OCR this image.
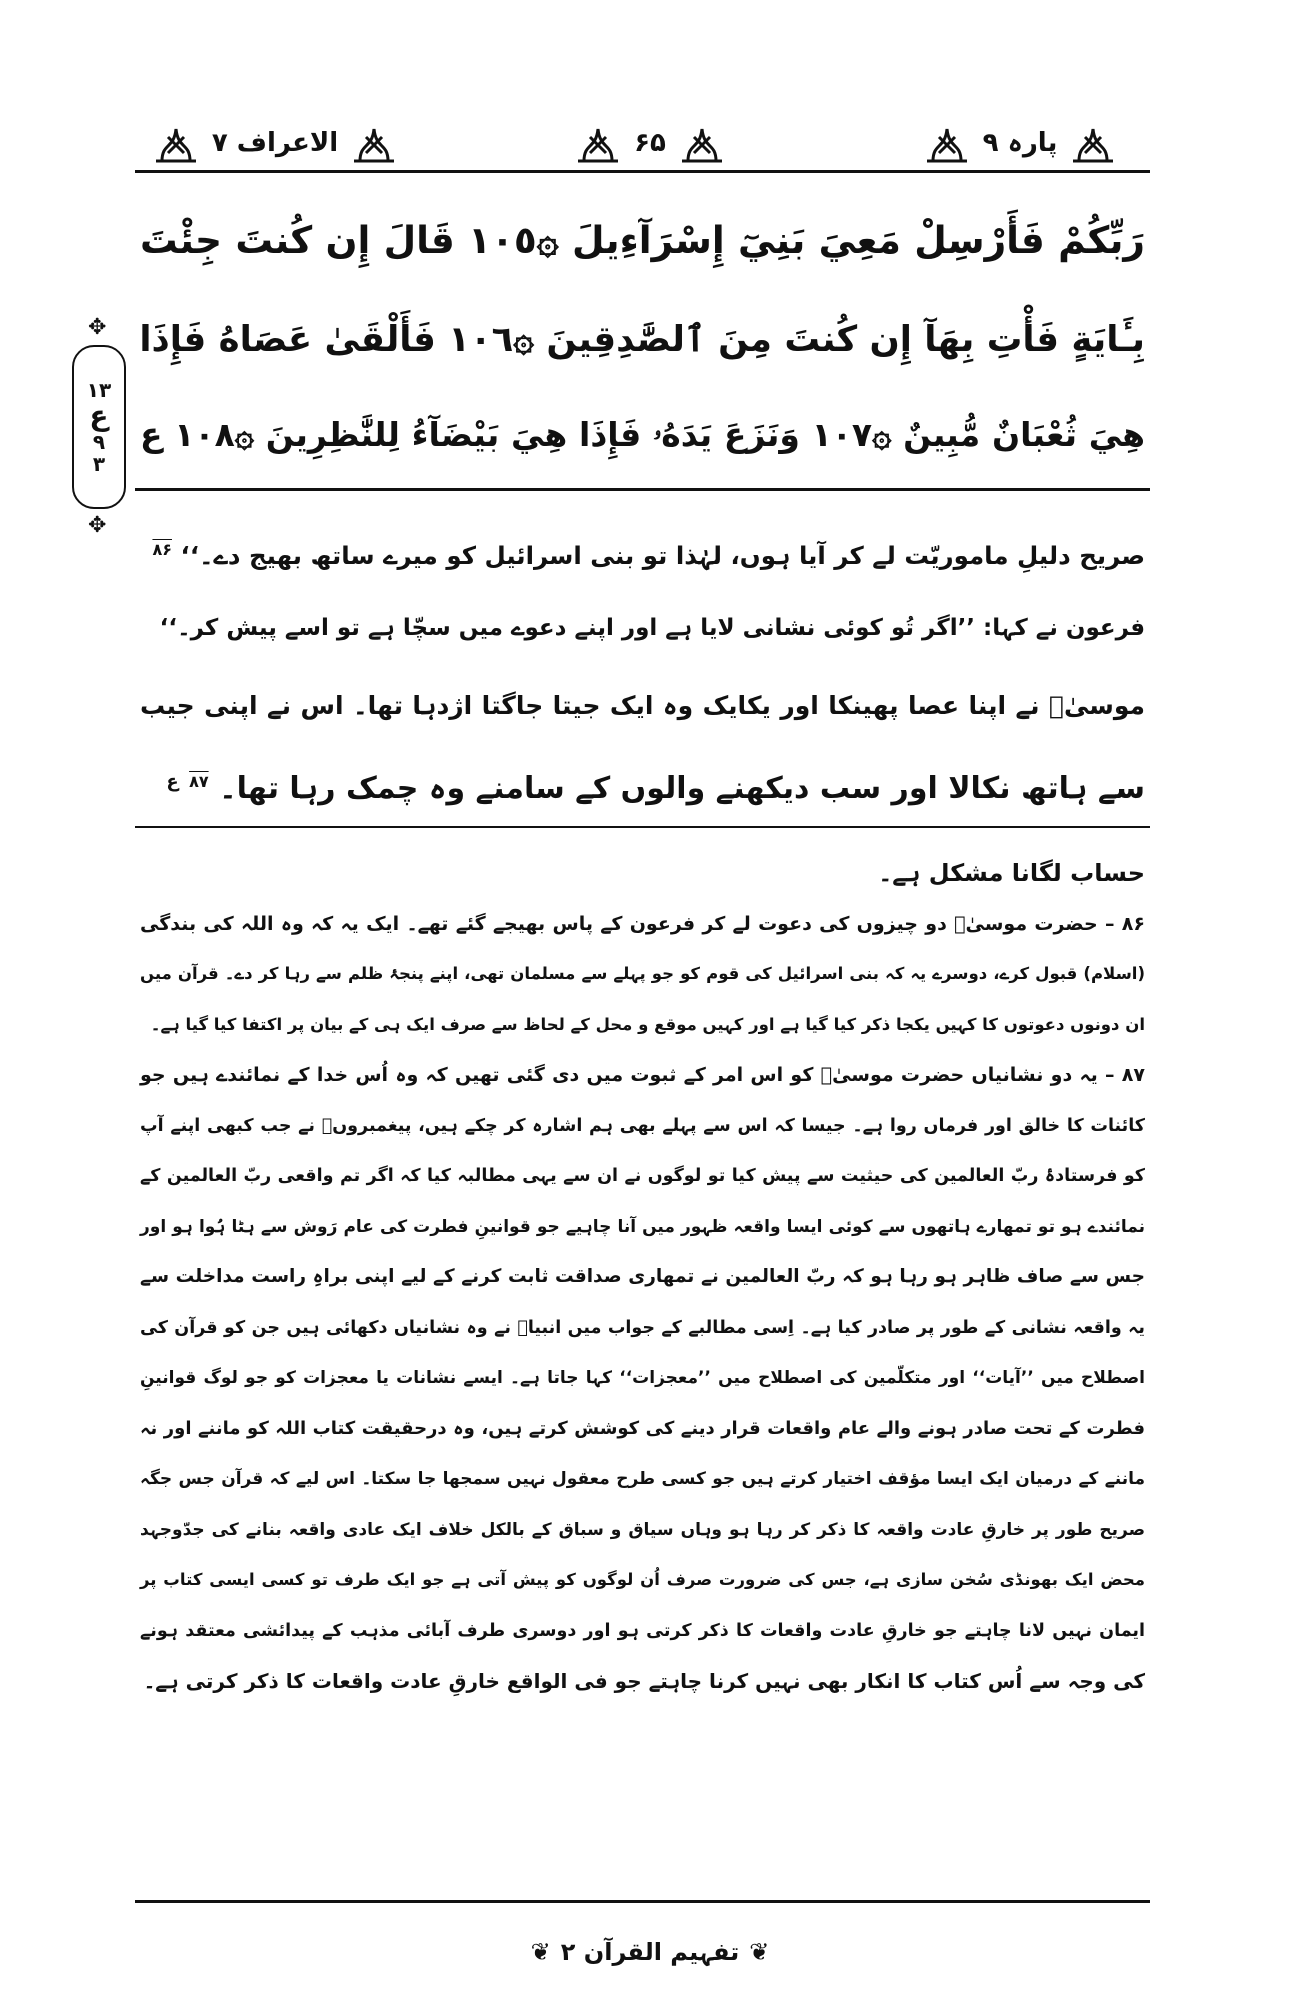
پارہ ۹
۶۵
الاعراف ۷
✥
۱۳
ع
۹
۳
✥
رَبِّكُمْ فَأَرْسِلْ مَعِيَ بَنِيٓ إِسْرَآءِيلَ ۞١٠٥ قَالَ إِن كُنتَ جِئْتَ
بِـَٔايَةٍ فَأْتِ بِهَآ إِن كُنتَ مِنَ ٱلصَّٰدِقِينَ ۞١٠٦ فَأَلْقَىٰ عَصَاهُ فَإِذَا
هِيَ ثُعْبَانٌ مُّبِينٌ ۞١٠٧ وَنَزَعَ يَدَهُۥ فَإِذَا هِيَ بَيْضَآءُ لِلنَّٰظِرِينَ ۞١٠٨ ع
صریح دلیلِ ماموریّت لے کر آیا ہوں، لہٰذا تو بنی اسرائیل کو میرے ساتھ بھیج دے۔‘‘ $^{۸۶}$
فرعون نے کہا: ’’اگر تُو کوئی نشانی لایا ہے اور اپنے دعوے میں سچّا ہے تو اسے پیش کر۔‘‘
موسیٰؑ نے اپنا عصا پھینکا اور یکایک وہ ایک جیتا جاگتا اژدہا تھا۔ اس نے اپنی جیب
سے ہاتھ نکالا اور سب دیکھنے والوں کے سامنے وہ چمک رہا تھا۔ $^{۸۷}$ $^ع$
حساب لگانا مشکل ہے۔
۸۶ – حضرت موسیٰؑ دو چیزوں کی دعوت لے کر فرعون کے پاس بھیجے گئے تھے۔ ایک یہ کہ وہ اللہ کی بندگی
(اسلام) قبول کرے، دوسرے یہ کہ بنی اسرائیل کی قوم کو جو پہلے سے مسلمان تھی، اپنے پنجۂ ظلم سے رہا کر دے۔ قرآن میں
ان دونوں دعوتوں کا کہیں یکجا ذکر کیا گیا ہے اور کہیں موقع و محل کے لحاظ سے صرف ایک ہی کے بیان پر اکتفا کیا گیا ہے۔
۸۷ – یہ دو نشانیاں حضرت موسیٰؑ کو اس امر کے ثبوت میں دی گئی تھیں کہ وہ اُس خدا کے نمائندے ہیں جو
کائنات کا خالق اور فرماں روا ہے۔ جیسا کہ اس سے پہلے بھی ہم اشارہ کر چکے ہیں، پیغمبروںؑ نے جب کبھی اپنے آپ
کو فرستادۂ ربّ العالمین کی حیثیت سے پیش کیا تو لوگوں نے ان سے یہی مطالبہ کیا کہ اگر تم واقعی ربّ العالمین کے
نمائندے ہو تو تمھارے ہاتھوں سے کوئی ایسا واقعہ ظہور میں آنا چاہیے جو قوانینِ فطرت کی عام رَوش سے ہٹا ہُوا ہو اور
جس سے صاف ظاہر ہو رہا ہو کہ ربّ العالمین نے تمھاری صداقت ثابت کرنے کے لیے اپنی براہِ راست مداخلت سے
یہ واقعہ نشانی کے طور پر صادر کیا ہے۔ اِسی مطالبے کے جواب میں انبیاؑ نے وہ نشانیاں دکھائی ہیں جن کو قرآن کی
اصطلاح میں ’’آیات‘‘ اور متکلّمین کی اصطلاح میں ’’معجزات‘‘ کہا جاتا ہے۔ ایسے نشانات یا معجزات کو جو لوگ قوانینِ
فطرت کے تحت صادر ہونے والے عام واقعات قرار دینے کی کوشش کرتے ہیں، وہ درحقیقت کتاب اللہ کو ماننے اور نہ
ماننے کے درمیان ایک ایسا مؤقف اختیار کرتے ہیں جو کسی طرح معقول نہیں سمجھا جا سکتا۔ اس لیے کہ قرآن جس جگہ
صریح طور پر خارقِ عادت واقعہ کا ذکر کر رہا ہو وہاں سیاق و سباق کے بالکل خلاف ایک عادی واقعہ بنانے کی جدّوجہد
محض ایک بھونڈی سُخن سازی ہے، جس کی ضرورت صرف اُن لوگوں کو پیش آتی ہے جو ایک طرف تو کسی ایسی کتاب پر
ایمان نہیں لانا چاہتے جو خارقِ عادت واقعات کا ذکر کرتی ہو اور دوسری طرف آبائی مذہب کے پیدائشی معتقد ہونے
کی وجہ سے اُس کتاب کا انکار بھی نہیں کرنا چاہتے جو فی الواقع خارقِ عادت واقعات کا ذکر کرتی ہے۔
❦
تفہیم القرآن ۲
❦
